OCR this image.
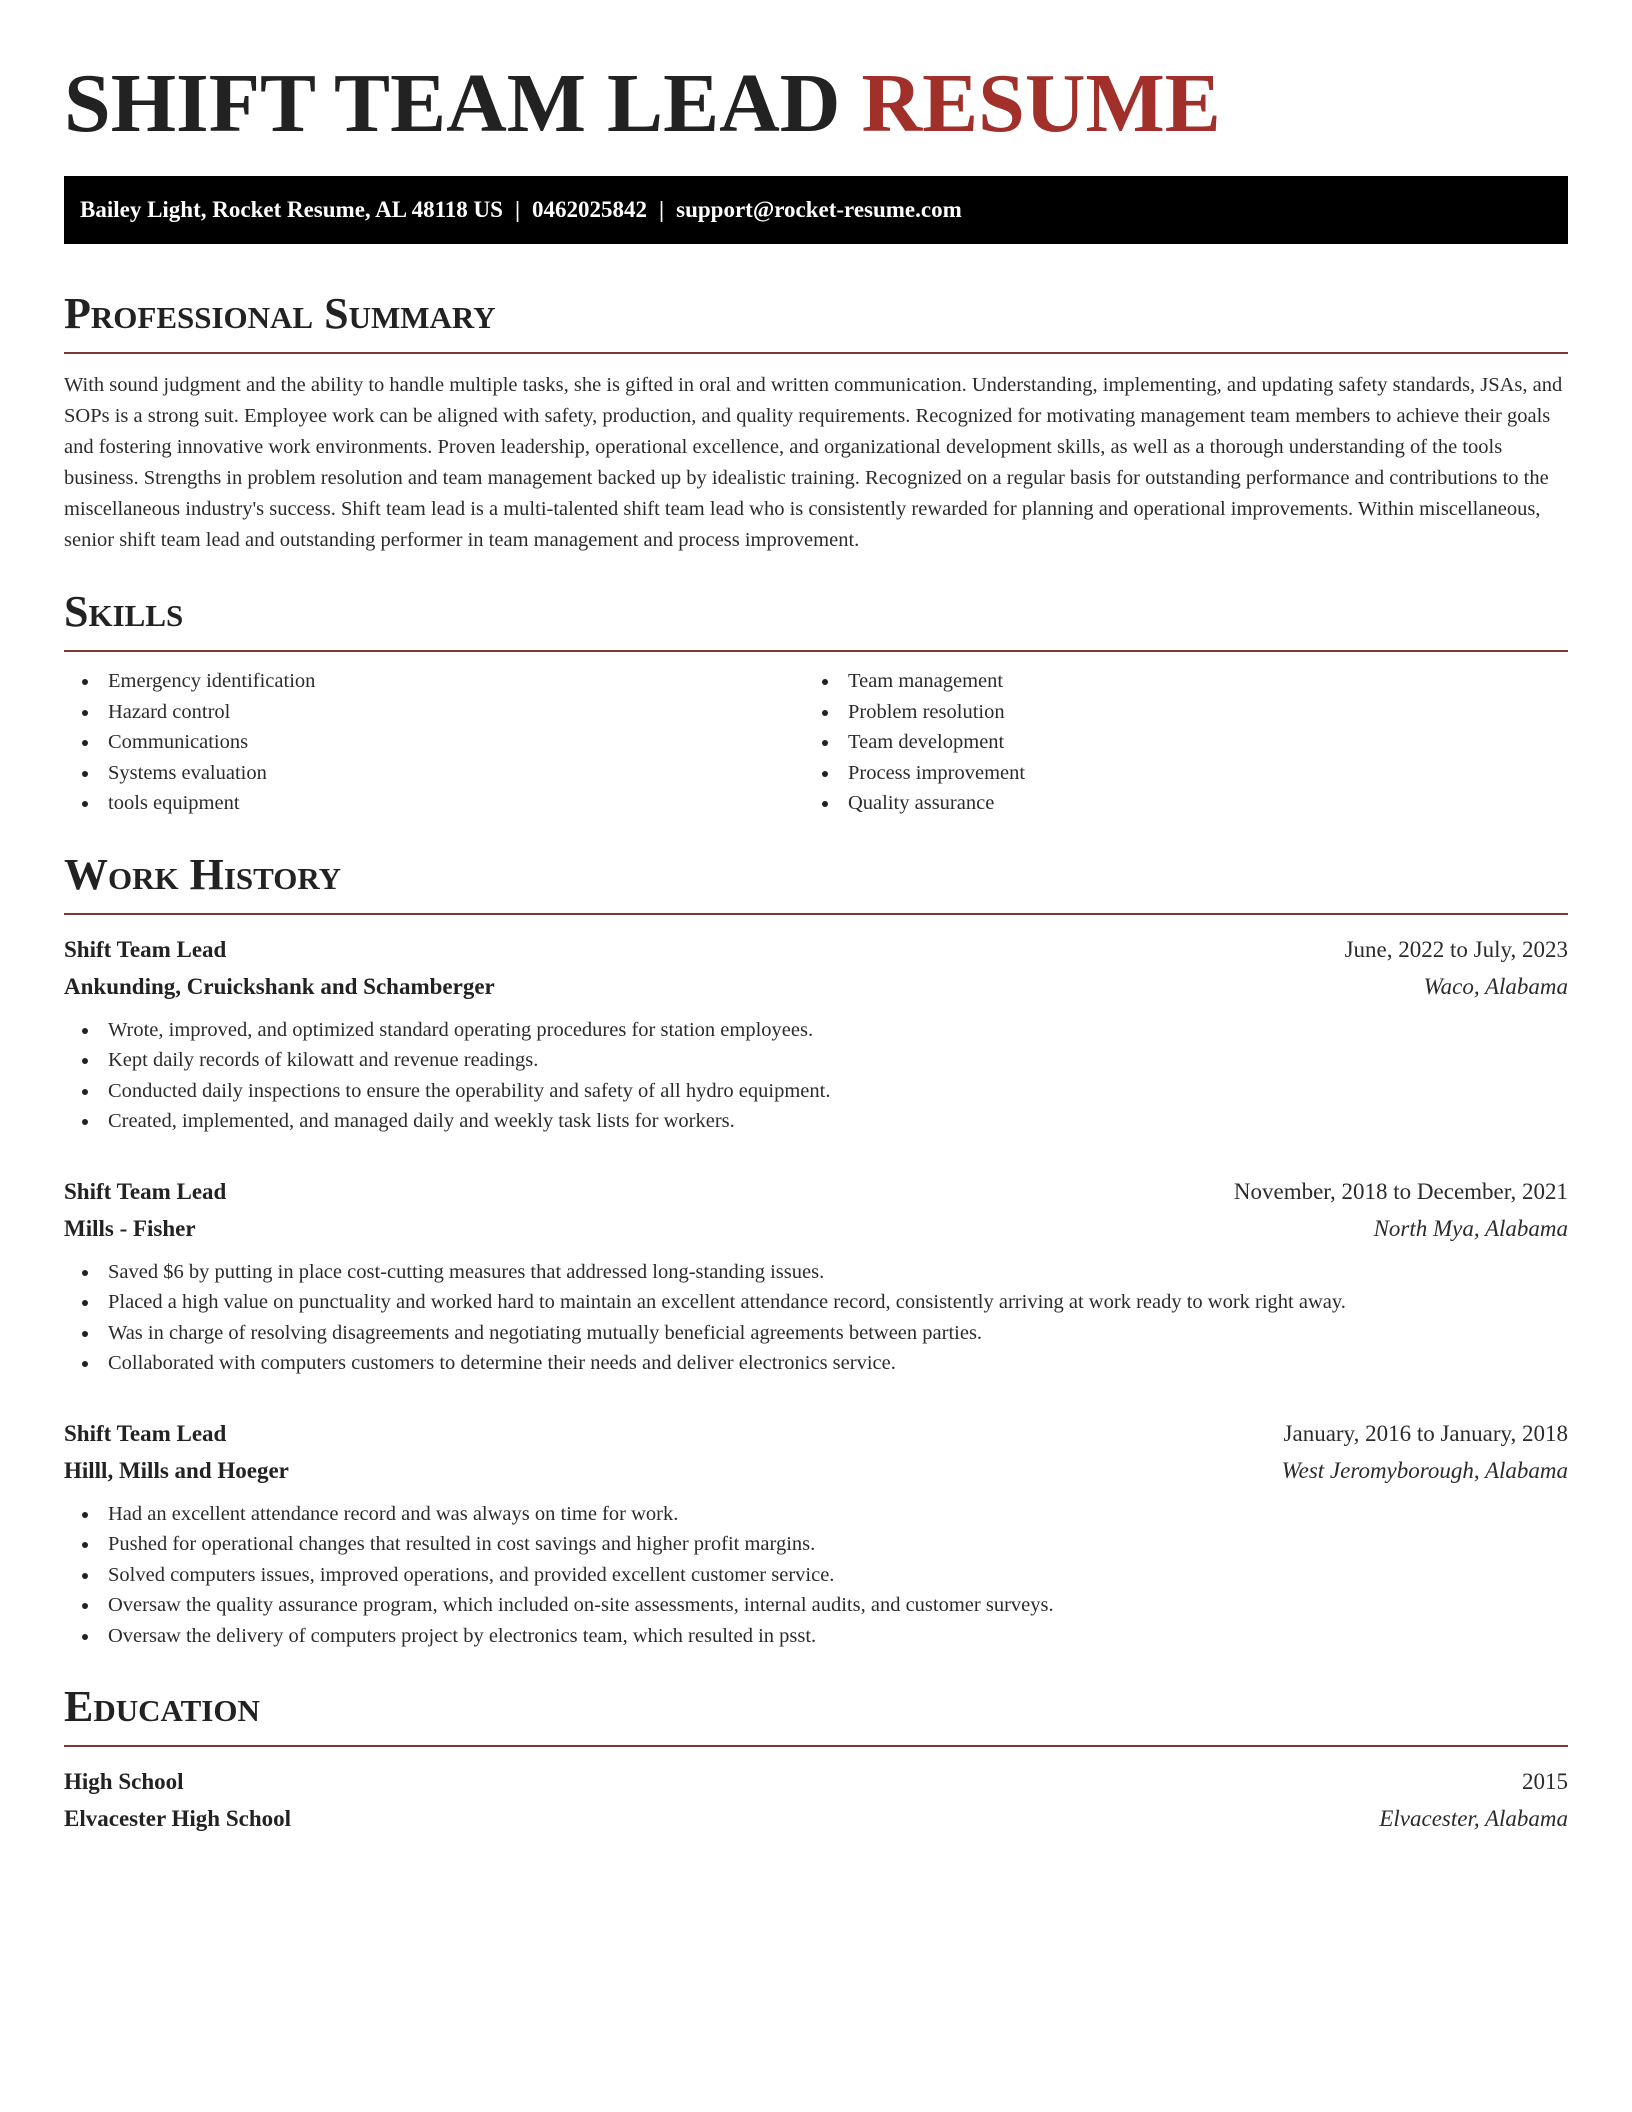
SHIFT TEAM LEAD RESUME
Bailey Light, Rocket Resume, AL 48118 US | 0462025842 | support@rocket-resume.com
Professional Summary

With sound judgment and the ability to handle multiple tasks, she is gifted in oral and written communication. Understanding, implementing, and updating safety standards, JSAs, and SOPs is a strong suit. Employee work can be aligned with safety, production, and quality requirements. Recognized for motivating management team members to achieve their goals and fostering innovative work environments. Proven leadership, operational excellence, and organizational development skills, as well as a thorough understanding of the tools business. Strengths in problem resolution and team management backed up by idealistic training. Recognized on a regular basis for outstanding performance and contributions to the miscellaneous industry's success. Shift team lead is a multi-talented shift team lead who is consistently rewarded for planning and operational improvements. Within miscellaneous, senior shift team lead and outstanding performer in team management and process improvement.

Skills
Emergency identification
Hazard control
Communications
Systems evaluation
tools equipment
Team management
Problem resolution
Team development
Process improvement
Quality assurance
Work History
Shift Team Lead	June, 2022 to July, 2023
Ankunding, Cruickshank and Schamberger	Waco, Alabama
Wrote, improved, and optimized standard operating procedures for station employees.
Kept daily records of kilowatt and revenue readings.
Conducted daily inspections to ensure the operability and safety of all hydro equipment.
Created, implemented, and managed daily and weekly task lists for workers.
Shift Team Lead	November, 2018 to December, 2021
Mills - Fisher	North Mya, Alabama
Saved $6 by putting in place cost-cutting measures that addressed long-standing issues.
Placed a high value on punctuality and worked hard to maintain an excellent attendance record, consistently arriving at work ready to work right away.
Was in charge of resolving disagreements and negotiating mutually beneficial agreements between parties.
Collaborated with computers customers to determine their needs and deliver electronics service.
Shift Team Lead	January, 2016 to January, 2018
Hilll, Mills and Hoeger	West Jeromyborough, Alabama
Had an excellent attendance record and was always on time for work.
Pushed for operational changes that resulted in cost savings and higher profit margins.
Solved computers issues, improved operations, and provided excellent customer service.
Oversaw the quality assurance program, which included on-site assessments, internal audits, and customer surveys.
Oversaw the delivery of computers project by electronics team, which resulted in psst.
Education
High School	2015
Elvacester High School	Elvacester, Alabama
